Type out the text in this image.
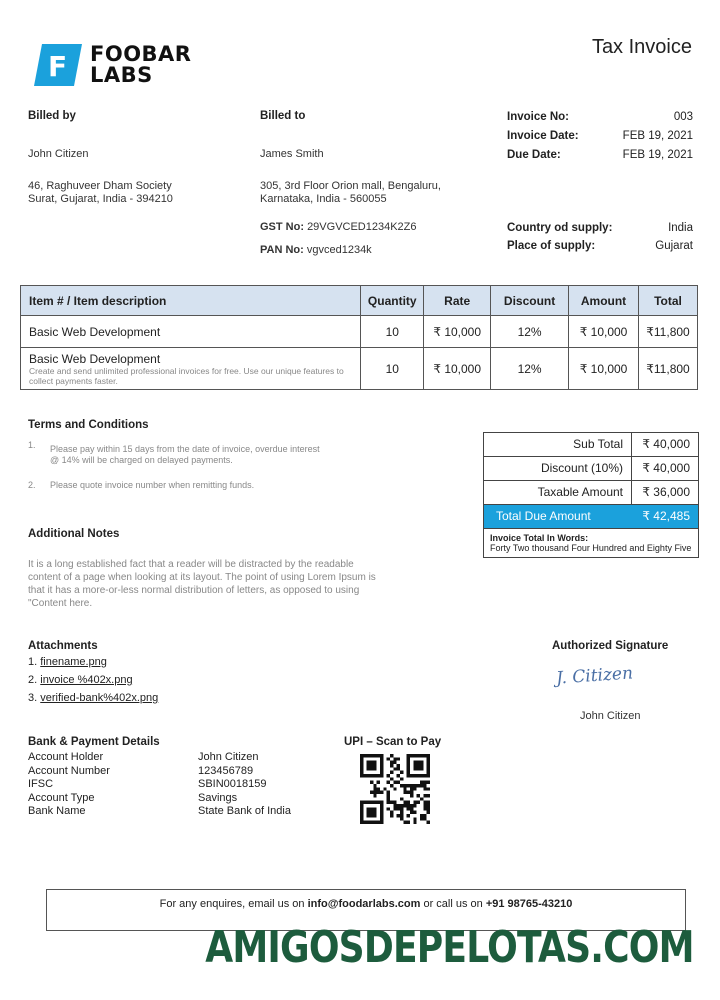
F FOOBAR
LABS
Tax Invoice
Billed by
John Citizen
46, Raghuveer Dham Society
Surat, Gujarat, India - 394210
Billed to
James Smith
305, 3rd Floor Orion mall, Bengaluru,
Karnataka, India - 560055
GST No: 29VGVCED1234K2Z6
PAN No: vgvced1234k
Invoice No:	003
Invoice Date:	FEB 19, 2021
Due Date:	FEB 19, 2021
Country od supply:	India
Place of supply:	Gujarat
Item # / Item description	Quantity	Rate	Discount	Amount	Total
Basic Web Development	10	₹ 10,000	12%	₹ 10,000	₹11,800
Basic Web Development
Create and send unlimited professional invoices for free. Use our unique features to collect payments faster.	10	₹ 10,000	12%	₹ 10,000	₹11,800
Terms and Conditions
1. Please pay within 15 days from the date of invoice, overdue interest @ 14% will be charged on delayed payments.
2. Please quote invoice number when remitting funds.
Sub Total	₹ 40,000
Discount (10%)	₹ 40,000
Taxable Amount	₹ 36,000
Total Due Amount	₹ 42,485
Invoice Total In Words:
Forty Two thousand Four Hundred and Eighty Five
Additional Notes
It is a long established fact that a reader will be distracted by the readable content of a page when looking at its layout. The point of using Lorem Ipsum is that it has a more-or-less normal distribution of letters, as opposed to using "Content here.
Attachments
1. finename.png
2. invoice %402x.png
3. verified-bank%402x.png
Authorized Signature
J. Citizen
John Citizen
Bank & Payment Details
Account Holder	John Citizen
Account Number	123456789
IFSC	SBIN0018159
Account Type	Savings
Bank Name	State Bank of India
UPI – Scan to Pay
For any enquires, email us on info@foodarlabs.com or call us on +91 98765-43210
AMIGOSDEPELOTAS.COM
